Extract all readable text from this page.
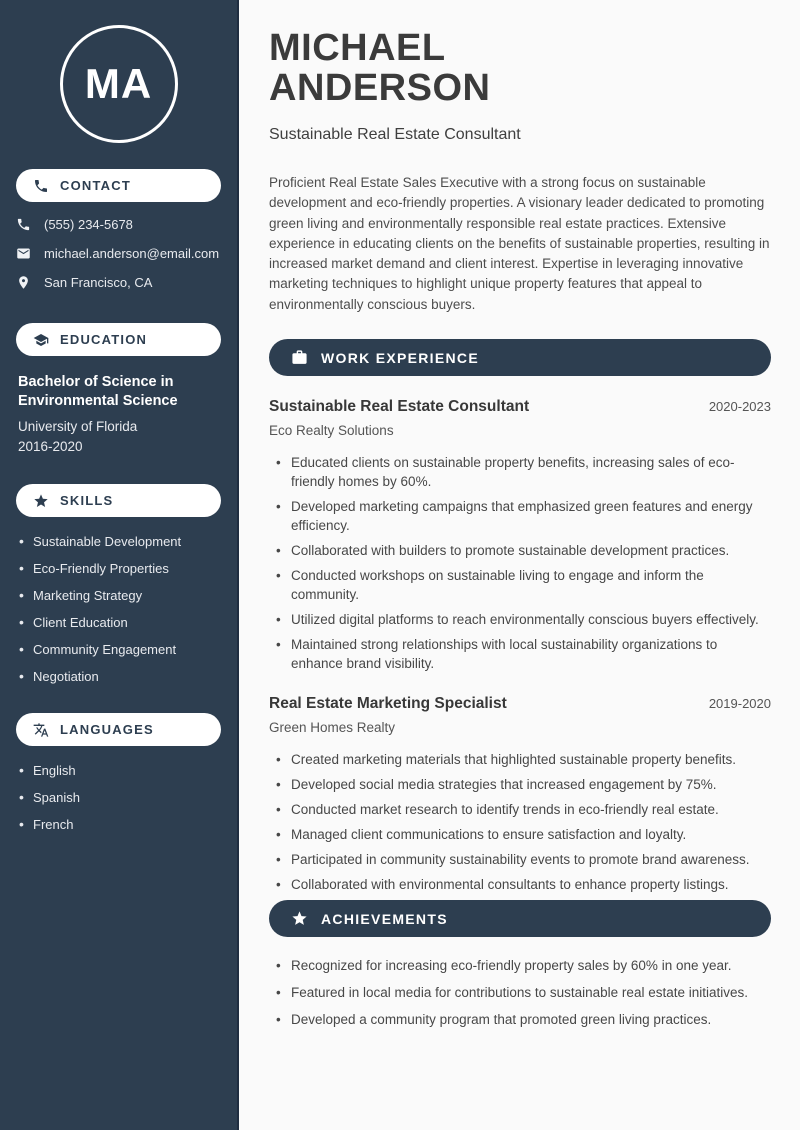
MA
CONTACT
(555) 234-5678
michael.anderson@email.com
San Francisco, CA
EDUCATION
Bachelor of Science in Environmental Science
University of Florida
2016-2020
SKILLS
• Sustainable Development
• Eco-Friendly Properties
• Marketing Strategy
• Client Education
• Community Engagement
• Negotiation
LANGUAGES
• English
• Spanish
• French
MICHAEL
ANDERSON
Sustainable Real Estate Consultant

Proficient Real Estate Sales Executive with a strong focus on sustainable development and eco-friendly properties. A visionary leader dedicated to promoting green living and environmentally responsible real estate practices. Extensive experience in educating clients on the benefits of sustainable properties, resulting in increased market demand and client interest. Expertise in leveraging innovative marketing techniques to highlight unique property features that appeal to environmentally conscious buyers.

WORK EXPERIENCE
Sustainable Real Estate Consultant	2020-2023
Eco Realty Solutions
• Educated clients on sustainable property benefits, increasing sales of eco-friendly homes by 60%.
• Developed marketing campaigns that emphasized green features and energy efficiency.
• Collaborated with builders to promote sustainable development practices.
• Conducted workshops on sustainable living to engage and inform the community.
• Utilized digital platforms to reach environmentally conscious buyers effectively.
• Maintained strong relationships with local sustainability organizations to enhance brand visibility.
Real Estate Marketing Specialist	2019-2020
Green Homes Realty
• Created marketing materials that highlighted sustainable property benefits.
• Developed social media strategies that increased engagement by 75%.
• Conducted market research to identify trends in eco-friendly real estate.
• Managed client communications to ensure satisfaction and loyalty.
• Participated in community sustainability events to promote brand awareness.
• Collaborated with environmental consultants to enhance property listings.
ACHIEVEMENTS
• Recognized for increasing eco-friendly property sales by 60% in one year.
• Featured in local media for contributions to sustainable real estate initiatives.
• Developed a community program that promoted green living practices.
